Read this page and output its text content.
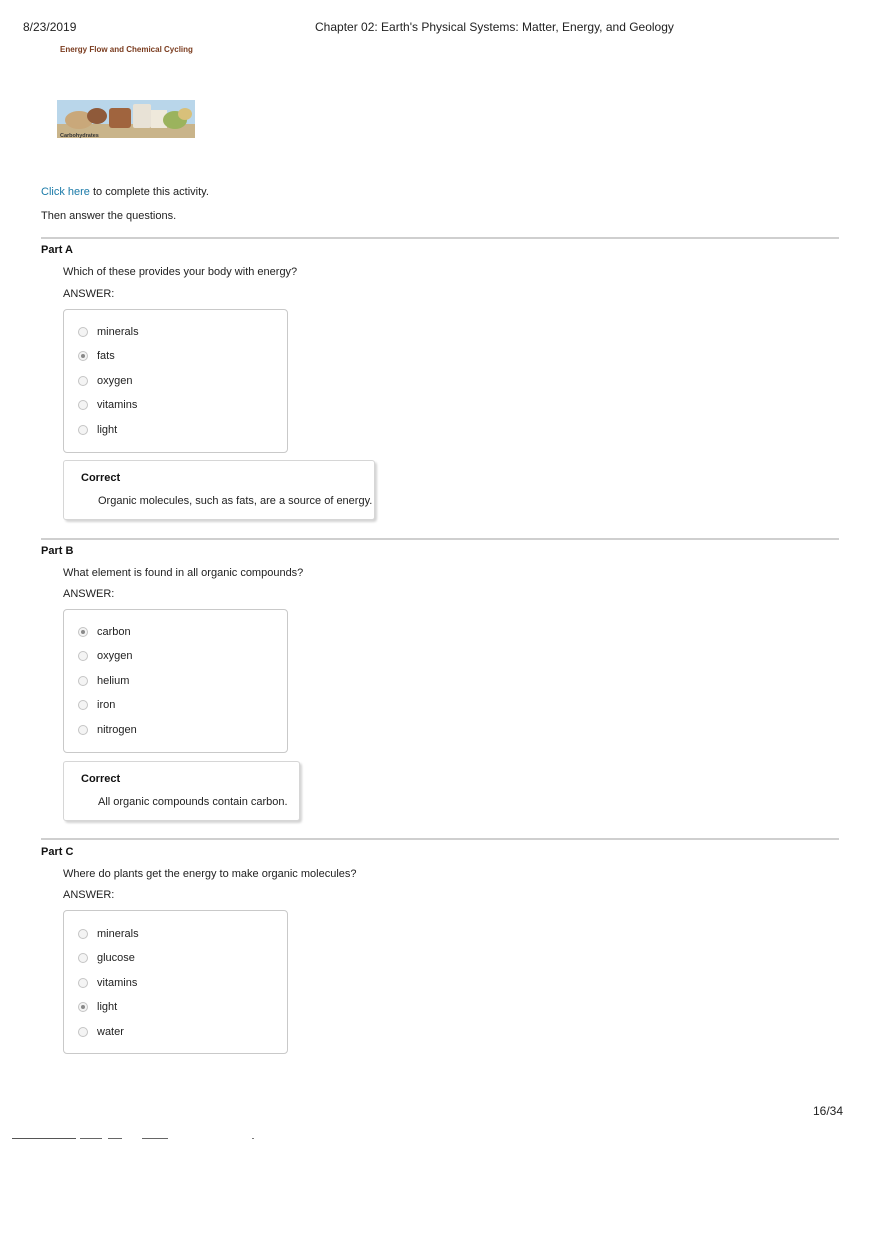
8/23/2019	Chapter 02: Earth's Physical Systems: Matter, Energy, and Geology
Energy Flow and Chemical Cycling
Carbohydrates
Click here to complete this activity.
Then answer the questions.
Part A
Which of these provides your body with energy?
ANSWER:
minerals
fats
oxygen
vitamins
light
Correct
Organic molecules, such as fats, are a source of energy.
Part B
What element is found in all organic compounds?
ANSWER:
carbon
oxygen
helium
iron
nitrogen
Correct
All organic compounds contain carbon.
Part C
Where do plants get the energy to make organic molecules?
ANSWER:
minerals
glucose
vitamins
light
water
16/34
